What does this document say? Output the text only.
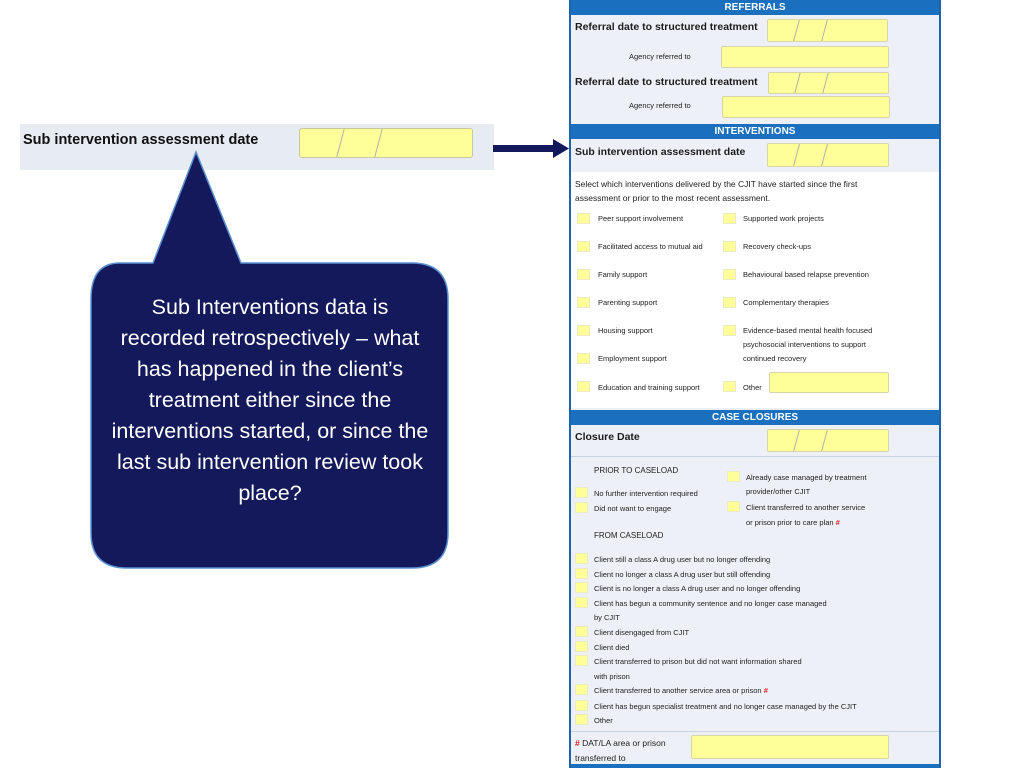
Sub intervention assessment date
Sub Interventions data is recorded retrospectively – what has happened in the client’s treatment either since the interventions started, or since the last sub intervention review took place?
REFERRALS
Referral date to structured treatment
Agency referred to
Referral date to structured treatment
Agency referred to
INTERVENTIONS
Sub intervention assessment date
Select which interventions delivered by the CJIT have started since the first
assessment or prior to the most recent assessment.
Peer support involvement
Facilitated access to mutual aid
Family support
Parenting support
Housing support
Employment support
Education and training support
Supported work projects
Recovery check-ups
Behavioural based relapse prevention
Complementary therapies
Evidence-based mental health focused
psychosocial interventions to support
continued recovery
Other
CASE CLOSURES
Closure Date
PRIOR TO CASELOAD
No further intervention required
Did not want to engage
Already case managed by treatment
provider/other CJIT
Client transferred to another service
or prison prior to care plan #
FROM CASELOAD
Client still a class A drug user but no longer offending
Client no longer a class A drug user but still offending
Client is no longer a class A drug user and no longer offending
Client has begun a community sentence and no longer case managed
by CJIT
Client disengaged from CJIT
Client died
Client transferred to prison but did not want information shared
with prison
Client transferred to another service area or prison #
Client has begun specialist treatment and no longer case managed by the CJIT
Other
# DAT/LA area or prison
transferred to
